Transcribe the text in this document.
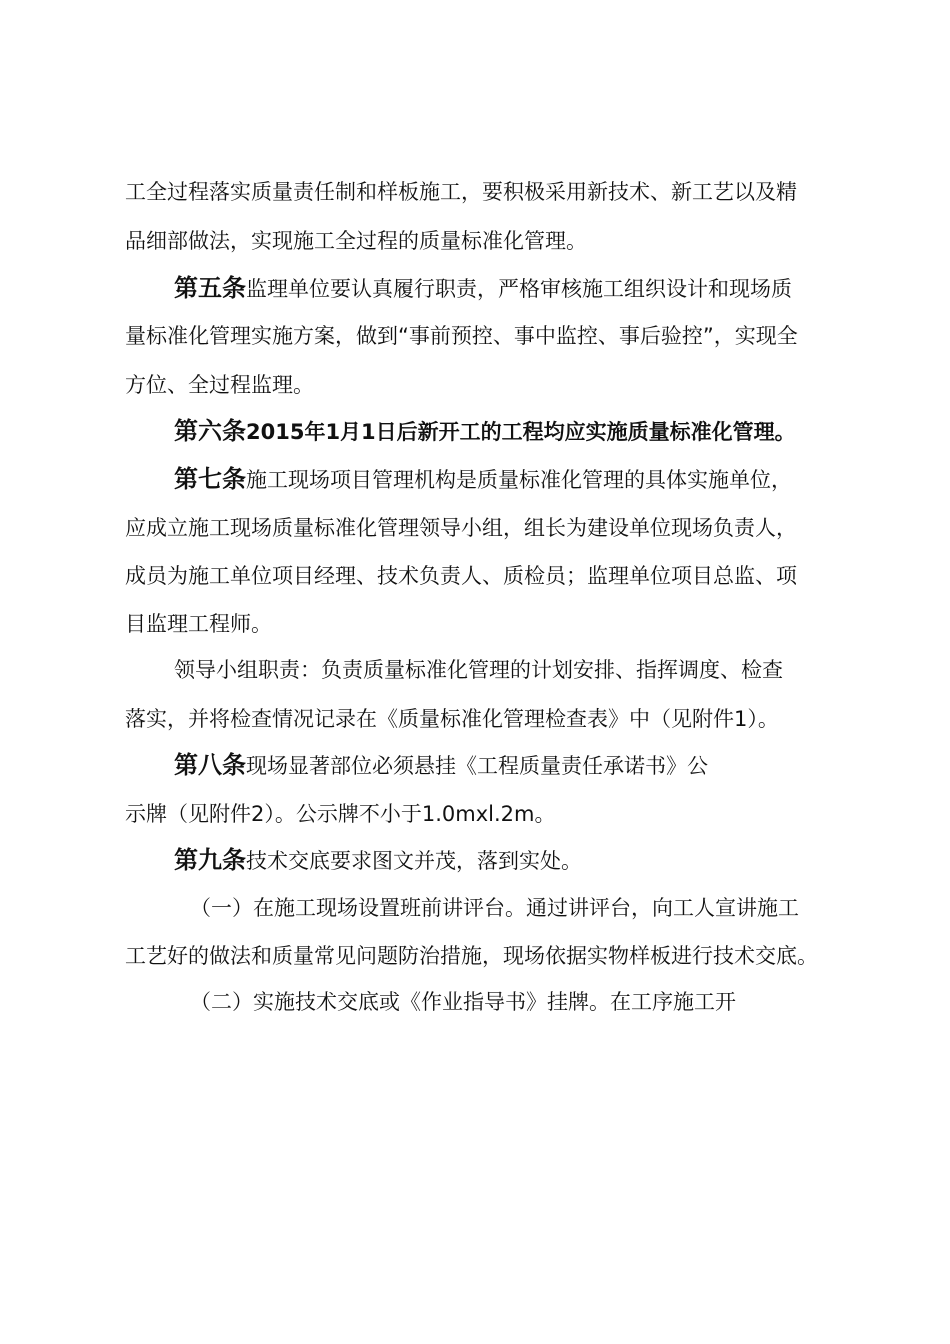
工全过程落实质量责任制和样板施工，要积极采用新技术、新工艺以及精
品细部做法，实现施工全过程的质量标准化管理。
第五条监理单位要认真履行职责，严格审核施工组织设计和现场质
量标准化管理实施方案，做到“事前预控、事中监控、事后验控”，实现全
方位、全过程监理。
第六条2015年1月1日后新开工的工程均应实施质量标准化管理。
第七条施工现场项目管理机构是质量标准化管理的具体实施单位，
应成立施工现场质量标准化管理领导小组，组长为建设单位现场负责人，
成员为施工单位项目经理、技术负责人、质检员；监理单位项目总监、项
目监理工程师。
领导小组职责：负责质量标准化管理的计划安排、指挥调度、检查
落实，并将检查情况记录在《质量标准化管理检查表》中（见附件1）。
第八条现场显著部位必须悬挂《工程质量责任承诺书》公
示牌（见附件2）。公示牌不小于1.0mxl.2m。
第九条技术交底要求图文并茂，落到实处。
（一）在施工现场设置班前讲评台。通过讲评台，向工人宣讲施工
工艺好的做法和质量常见问题防治措施，现场依据实物样板进行技术交底。
（二）实施技术交底或《作业指导书》挂牌。在工序施工开
